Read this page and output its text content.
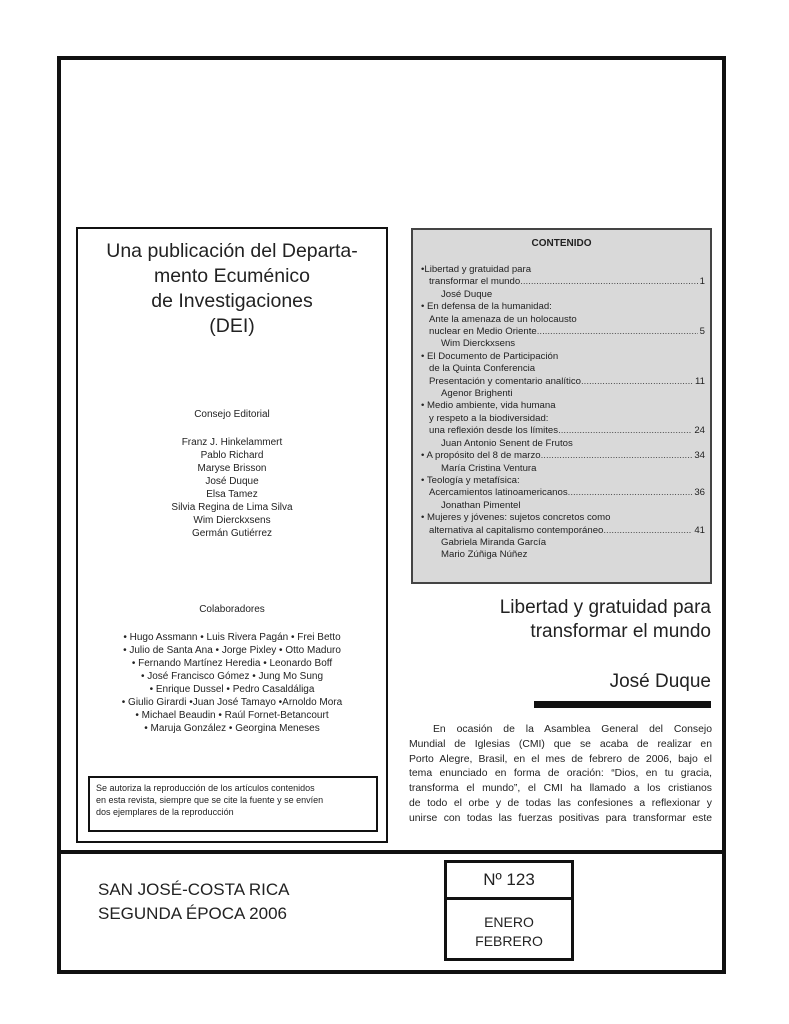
Una publicación del Departa-
mento Ecuménico
de Investigaciones
(DEI)
Consejo Editorial
Franz J. Hinkelammert
Pablo Richard
Maryse Brisson
José Duque
Elsa Tamez
Silvia Regina de Lima Silva
Wim Dierckxsens
Germán Gutiérrez
Colaboradores
• Hugo Assmann • Luis Rivera Pagán • Frei Betto
• Julio de Santa Ana • Jorge Pixley • Otto Maduro
• Fernando Martínez Heredia • Leonardo Boff
• José Francisco Gómez • Jung Mo Sung
• Enrique Dussel • Pedro Casaldáliga
• Giulio Girardi •Juan José Tamayo •Arnoldo Mora
• Michael Beaudin • Raúl Fornet-Betancourt
• Maruja González • Georgina Meneses
Se autoriza la reproducción de los artículos contenidos
en esta revista, siempre que se cite la fuente y se envíen
dos ejemplares de la reproducción
CONTENIDO
•Libertad y gratuidad para
transformar el mundo .....	1
José Duque
• En defensa de la humanidad:
Ante la amenaza de un holocausto
nuclear en Medio Oriente .....	5
Wim Dierckxsens
• El Documento de Participación
de la Quinta Conferencia
Presentación y comentario analítico .....	11
Agenor Brighenti
• Medio ambiente, vida humana
y respeto a la biodiversidad:
una reflexión desde los límites .....	24
Juan Antonio Senent de Frutos
• A propósito del 8 de marzo .....	34
María Cristina Ventura
• Teología y metafísica:
Acercamientos latinoamericanos .....	36
Jonathan Pimentel
• Mujeres y jóvenes: sujetos concretos como
alternativa al capitalismo contemporáneo .....	41
Gabriela Miranda García
Mario Zúñiga Núñez
Libertad y gratuidad para
transformar el mundo
José Duque
En ocasión de la Asamblea General del Consejo
Mundial de Iglesias (CMI) que se acaba de realizar en
Porto Alegre, Brasil, en el mes de febrero de 2006, bajo el
tema enunciado en forma de oración: “Dios, en tu gracia,
transforma el mundo”, el CMI ha llamado a los cristianos
de todo el orbe y de todas las confesiones a reflexionar y
unirse con todas las fuerzas positivas para transformar este
SAN JOSÉ-COSTA RICA
SEGUNDA ÉPOCA 2006
Nº 123
ENERO
FEBRERO
